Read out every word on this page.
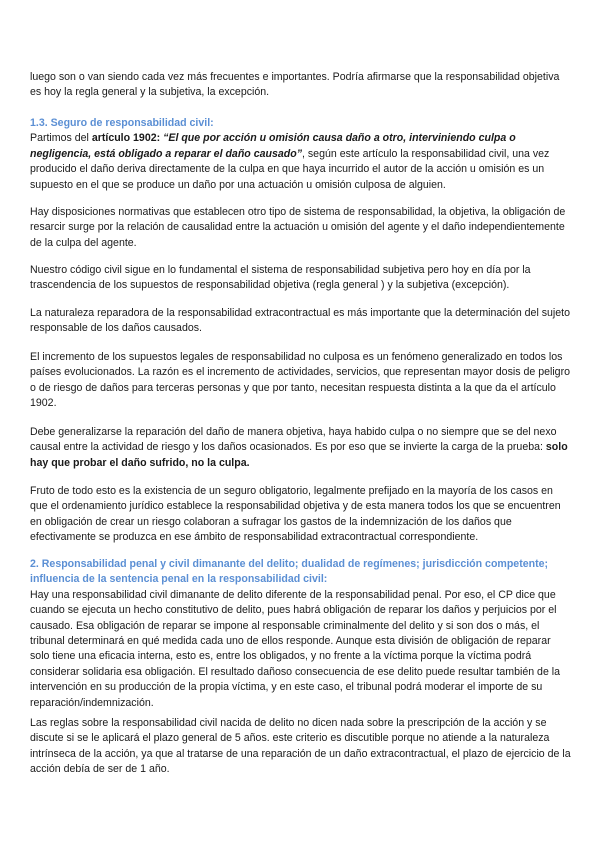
luego son o van siendo cada vez más frecuentes e importantes. Podría afirmarse que la responsabilidad objetiva es hoy la regla general y la subjetiva, la excepción.

1.3. Seguro de responsabilidad civil:

Partimos del artículo 1902: “El que por acción u omisión causa daño a otro, interviniendo culpa o negligencia, está obligado a reparar el daño causado”, según este artículo la responsabilidad civil, una vez producido el daño deriva directamente de la culpa en que haya incurrido el autor de la acción u omisión es un supuesto en el que se produce un daño por una actuación u omisión culposa de alguien.

Hay disposiciones normativas que establecen otro tipo de sistema de responsabilidad, la objetiva, la obligación de resarcir surge por la relación de causalidad entre la actuación u omisión del agente y el daño independientemente de la culpa del agente.

Nuestro código civil sigue en lo fundamental el sistema de responsabilidad subjetiva pero hoy en día por la trascendencia de los supuestos de responsabilidad objetiva (regla general ) y la subjetiva (excepción).

La naturaleza reparadora de la responsabilidad extracontractual es más importante que la determinación del sujeto responsable de los daños causados.

El incremento de los supuestos legales de responsabilidad no culposa es un fenómeno generalizado en todos los países evolucionados. La razón es el incremento de actividades, servicios, que representan mayor dosis de peligro o de riesgo de daños para terceras personas y que por tanto, necesitan respuesta distinta a la que da el artículo 1902.

Debe generalizarse la reparación del daño de manera objetiva, haya habido culpa o no siempre que se del nexo causal entre la actividad de riesgo y los daños ocasionados. Es por eso que se invierte la carga de la prueba: solo hay que probar el daño sufrido, no la culpa.

Fruto de todo esto es la existencia de un seguro obligatorio, legalmente prefijado en la mayoría de los casos en que el ordenamiento jurídico establece la responsabilidad objetiva y de esta manera todos los que se encuentren en obligación de crear un riesgo colaboran a sufragar los gastos de la indemnización de los daños que efectivamente se produzca en ese ámbito de responsabilidad extracontractual correspondiente.

2. Responsabilidad penal y civil dimanante del delito; dualidad de regímenes; jurisdicción competente; influencia de la sentencia penal en la responsabilidad civil:

Hay una responsabilidad civil dimanante de delito diferente de la responsabilidad penal. Por eso, el CP dice que cuando se ejecuta un hecho constitutivo de delito, pues habrá obligación de reparar los daños y perjuicios por el causado. Esa obligación de reparar se impone al responsable criminalmente del delito y si son dos o más, el tribunal determinará en qué medida cada uno de ellos responde. Aunque esta división de obligación de reparar solo tiene una eficacia interna, esto es, entre los obligados, y no frente a la víctima porque la víctima podrá considerar solidaria esa obligación. El resultado dañoso consecuencia de ese delito puede resultar también de la intervención en su producción de la propia víctima, y en este caso, el tribunal podrá moderar el importe de su reparación/indemnización.

Las reglas sobre la responsabilidad civil nacida de delito no dicen nada sobre la prescripción de la acción y se discute si se le aplicará el plazo general de 5 años. este criterio es discutible porque no atiende a la naturaleza intrínseca de la acción, ya que al tratarse de una reparación de un daño extracontractual, el plazo de ejercicio de la acción debía de ser de 1 año.
